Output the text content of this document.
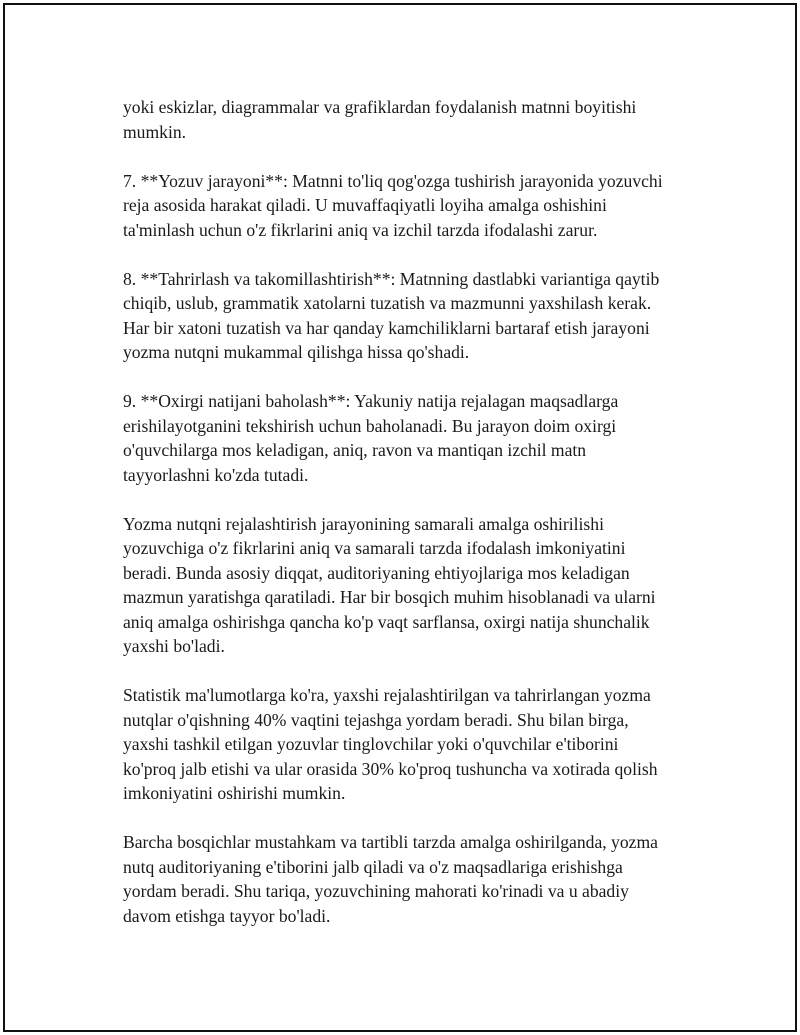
yoki eskizlar, diagrammalar va grafiklardan foydalanish matnni boyitishi
mumkin.

7. **Yozuv jarayoni**: Matnni to'liq qog'ozga tushirish jarayonida yozuvchi
reja asosida harakat qiladi. U muvaffaqiyatli loyiha amalga oshishini
ta'minlash uchun o'z fikrlarini aniq va izchil tarzda ifodalashi zarur.

8. **Tahrirlash va takomillashtirish**: Matnning dastlabki variantiga qaytib
chiqib, uslub, grammatik xatolarni tuzatish va mazmunni yaxshilash kerak.
Har bir xatoni tuzatish va har qanday kamchiliklarni bartaraf etish jarayoni
yozma nutqni mukammal qilishga hissa qo'shadi.

9. **Oxirgi natijani baholash**: Yakuniy natija rejalagan maqsadlarga
erishilayotganini tekshirish uchun baholanadi. Bu jarayon doim oxirgi
o'quvchilarga mos keladigan, aniq, ravon va mantiqan izchil matn
tayyorlashni ko'zda tutadi.

Yozma nutqni rejalashtirish jarayonining samarali amalga oshirilishi
yozuvchiga o'z fikrlarini aniq va samarali tarzda ifodalash imkoniyatini
beradi. Bunda asosiy diqqat, auditoriyaning ehtiyojlariga mos keladigan
mazmun yaratishga qaratiladi. Har bir bosqich muhim hisoblanadi va ularni
aniq amalga oshirishga qancha ko'p vaqt sarflansa, oxirgi natija shunchalik
yaxshi bo'ladi.

Statistik ma'lumotlarga ko'ra, yaxshi rejalashtirilgan va tahrirlangan yozma
nutqlar o'qishning 40% vaqtini tejashga yordam beradi. Shu bilan birga,
yaxshi tashkil etilgan yozuvlar tinglovchilar yoki o'quvchilar e'tiborini
ko'proq jalb etishi va ular orasida 30% ko'proq tushuncha va xotirada qolish
imkoniyatini oshirishi mumkin.

Barcha bosqichlar mustahkam va tartibli tarzda amalga oshirilganda, yozma
nutq auditoriyaning e'tiborini jalb qiladi va o'z maqsadlariga erishishga
yordam beradi. Shu tariqa, yozuvchining mahorati ko'rinadi va u abadiy
davom etishga tayyor bo'ladi.
